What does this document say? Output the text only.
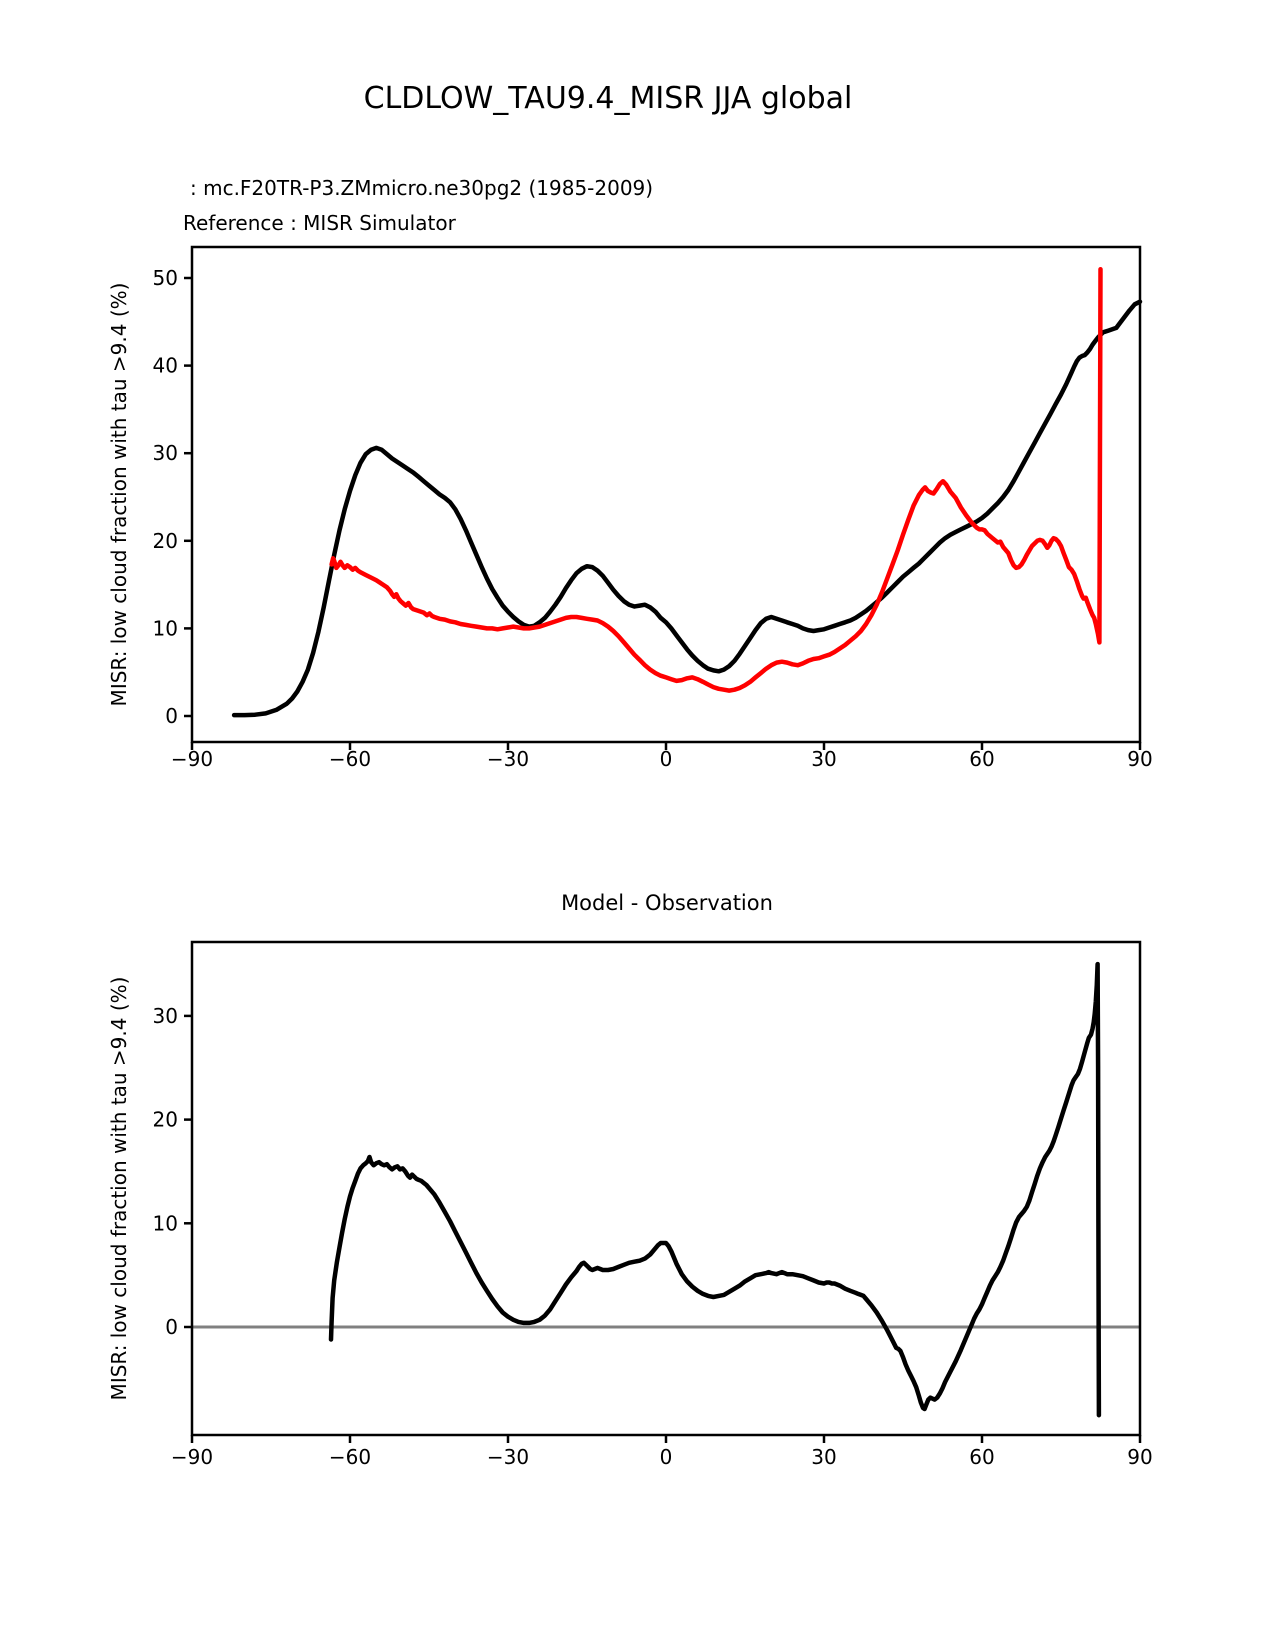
CLDLOW_TAU9.4_MISR JJA global
: mc.F20TR-P3.ZMmicro.ne30pg2 (1985-2009)
Reference : MISR Simulator
MISR: low cloud fraction with tau >9.4 (%)
Model - Observation
MISR: low cloud fraction with tau >9.4 (%)
−90	−60	−30	0	30	60	90
0
10
20
30
40
50
−90	−60	−30	0	30	60	90
0
10
20
30
